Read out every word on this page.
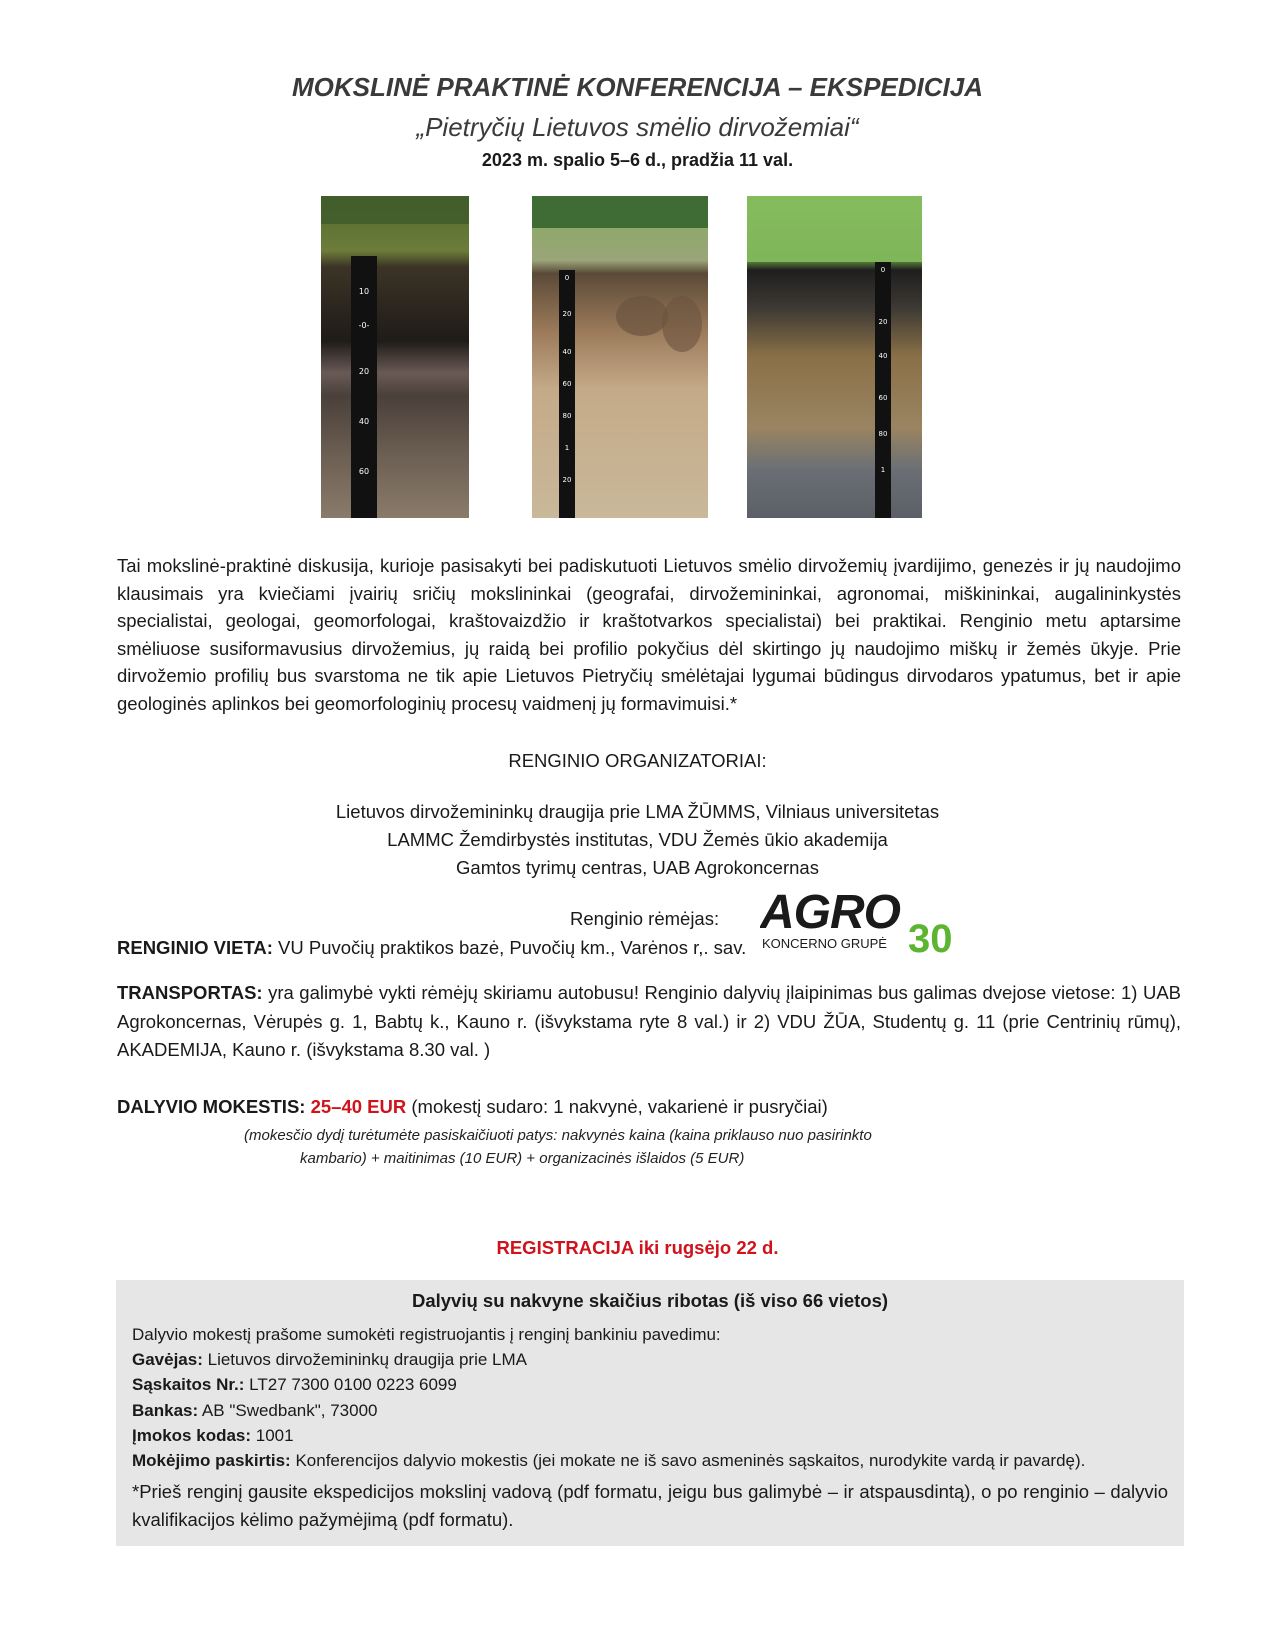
MOKSLINĖ PRAKTINĖ KONFERENCIJA – EKSPEDICIJA
„Pietryčių Lietuvos smėlio dirvožemiai“
2023 m. spalio 5–6 d., pradžia 11 val.
10
-0-
20
40
60
0
20
40
60
80
1
20
0
20
40
60
80
1
Tai mokslinė-praktinė diskusija, kurioje pasisakyti bei padiskutuoti Lietuvos smėlio dirvožemių įvardijimo, genezės ir jų naudojimo klausimais yra kviečiami įvairių sričių mokslininkai (geografai, dirvožemininkai, agronomai, miškininkai, augalininkystės specialistai, geologai, geomorfologai, kraštovaizdžio ir kraštotvarkos specialistai) bei praktikai. Renginio metu aptarsime smėliuose susiformavusius dirvožemius, jų raidą bei profilio pokyčius dėl skirtingo jų naudojimo miškų ir žemės ūkyje. Prie dirvožemio profilių bus svarstoma ne tik apie Lietuvos Pietryčių smėlėtajai lygumai būdingus dirvodaros ypatumus, bet ir apie geologinės aplinkos bei geomorfologinių procesų vaidmenį jų formavimuisi.*
RENGINIO ORGANIZATORIAI:
Lietuvos dirvožemininkų draugija prie LMA ŽŪMMS, Vilniaus universitetas
LAMMC Žemdirbystės institutas, VDU Žemės ūkio akademija
Gamtos tyrimų centras, UAB Agrokoncernas
Renginio rėmėjas: AGRO 30
KONCERNO GRUPĖ
RENGINIO VIETA: VU Puvočių praktikos bazė, Puvočių km., Varėnos r,. sav.
TRANSPORTAS: yra galimybė vykti rėmėjų skiriamu autobusu! Renginio dalyvių įlaipinimas bus galimas dvejose vietose: 1) UAB Agrokoncernas, Vėrupės g. 1, Babtų k., Kauno r. (išvykstama ryte 8 val.) ir 2) VDU ŽŪA, Studentų g. 11 (prie Centrinių rūmų), AKADEMIJA, Kauno r. (išvykstama 8.30 val. )
DALYVIO MOKESTIS: 25–40 EUR (mokestį sudaro: 1 nakvynė, vakarienė ir pusryčiai)
(mokesčio dydį turėtumėte pasiskaičiuoti patys: nakvynės kaina (kaina priklauso nuo pasirinkto
kambario) + maitinimas (10 EUR) + organizacinės išlaidos (5 EUR)
REGISTRACIJA iki rugsėjo 22 d.
Dalyvių su nakvyne skaičius ribotas (iš viso 66 vietos)
Dalyvio mokestį prašome sumokėti registruojantis į renginį bankiniu pavedimu:
Gavėjas: Lietuvos dirvožemininkų draugija prie LMA
Sąskaitos Nr.: LT27 7300 0100 0223 6099
Bankas: AB "Swedbank", 73000
Įmokos kodas: 1001
Mokėjimo paskirtis: Konferencijos dalyvio mokestis (jei mokate ne iš savo asmeninės sąskaitos, nurodykite vardą ir pavardę).
*Prieš renginį gausite ekspedicijos mokslinį vadovą (pdf formatu, jeigu bus galimybė – ir atspausdintą), o po renginio – dalyvio kvalifikacijos kėlimo pažymėjimą (pdf formatu).
